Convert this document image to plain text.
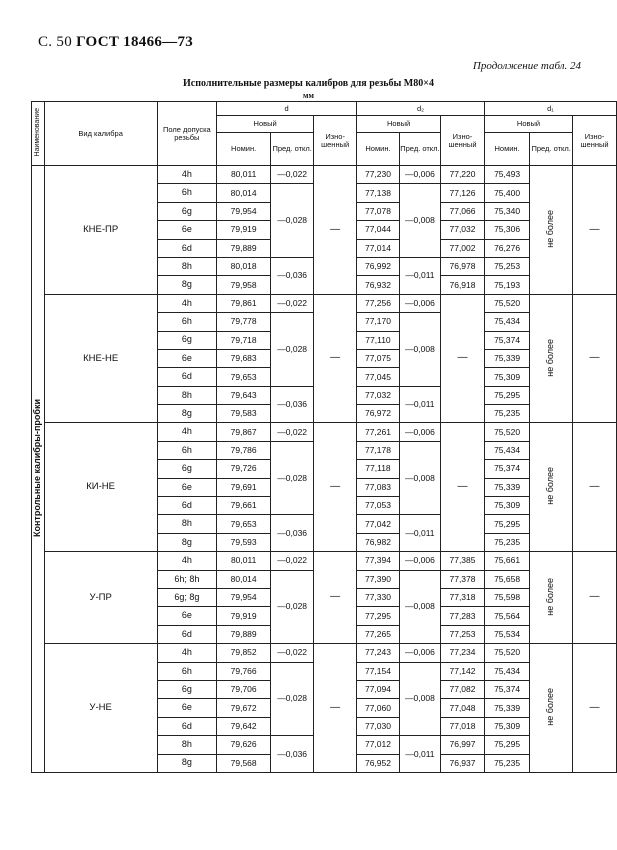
С. 50 ГОСТ 18466—73
Продолжение табл. 24
Исполнительные размеры калибров для резьбы М80×4
мм
Наименование	Вид калибра	Поле допуска резьбы	d			d₂			d₁		
			Новый		Изно-шенный	Новый		Изно-шенный	Новый		Изно-шенный
			Номин.	Пред. откл.		Номин.	Пред. откл.		Номин.	Пред. откл.	
Контрольные калибры-пробки	КНЕ-ПР	4h	80,011	—0,022	—	77,230	—0,006	77,220	75,493	не более	—
		6h	80,014	—0,028		77,138	—0,008	77,126	75,400		
		6g	79,954			77,078		77,066	75,340		
		6e	79,919			77,044		77,032	75,306		
		6d	79,889			77,014		77,002	76,276		
		8h	80,018	—0,036		76,992	—0,011	76,978	75,253		
		8g	79,958			76,932		76,918	75,193		
	КНЕ-НЕ	4h	79,861	—0,022	—	77,256	—0,006	—	75,520	не более	—
		6h	79,778	—0,028		77,170	—0,008		75,434		
		6g	79,718			77,110			75,374		
		6e	79,683			77,075			75,339		
		6d	79,653			77,045			75,309		
		8h	79,643	—0,036		77,032	—0,011		75,295		
		8g	79,583			76,972			75,235		
	КИ-НЕ	4h	79,867	—0,022	—	77,261	—0,006	—	75,520	не более	—
		6h	79,786	—0,028		77,178	—0,008		75,434		
		6g	79,726			77,118			75,374		
		6e	79,691			77,083			75,339		
		6d	79,661			77,053			75,309		
		8h	79,653	—0,036		77,042	—0,011		75,295		
		8g	79,593			76,982			75,235		
	У-ПР	4h	80,011	—0,022	—	77,394	—0,006	77,385	75,661	не более	—
		6h; 8h	80,014	—0,028		77,390	—0,008	77,378	75,658		
		6g; 8g	79,954			77,330		77,318	75,598		
		6e	79,919			77,295		77,283	75,564		
		6d	79,889			77,265		77,253	75,534		
	У-НЕ	4h	79,852	—0,022	—	77,243	—0,006	77,234	75,520	не более	—
		6h	79,766	—0,028		77,154	—0,008	77,142	75,434		
		6g	79,706			77,094		77,082	75,374		
		6e	79,672			77,060		77,048	75,339		
		6d	79,642			77,030		77,018	75,309		
		8h	79,626	—0,036		77,012	—0,011	76,997	75,295		
		8g	79,568			76,952		76,937	75,235		
